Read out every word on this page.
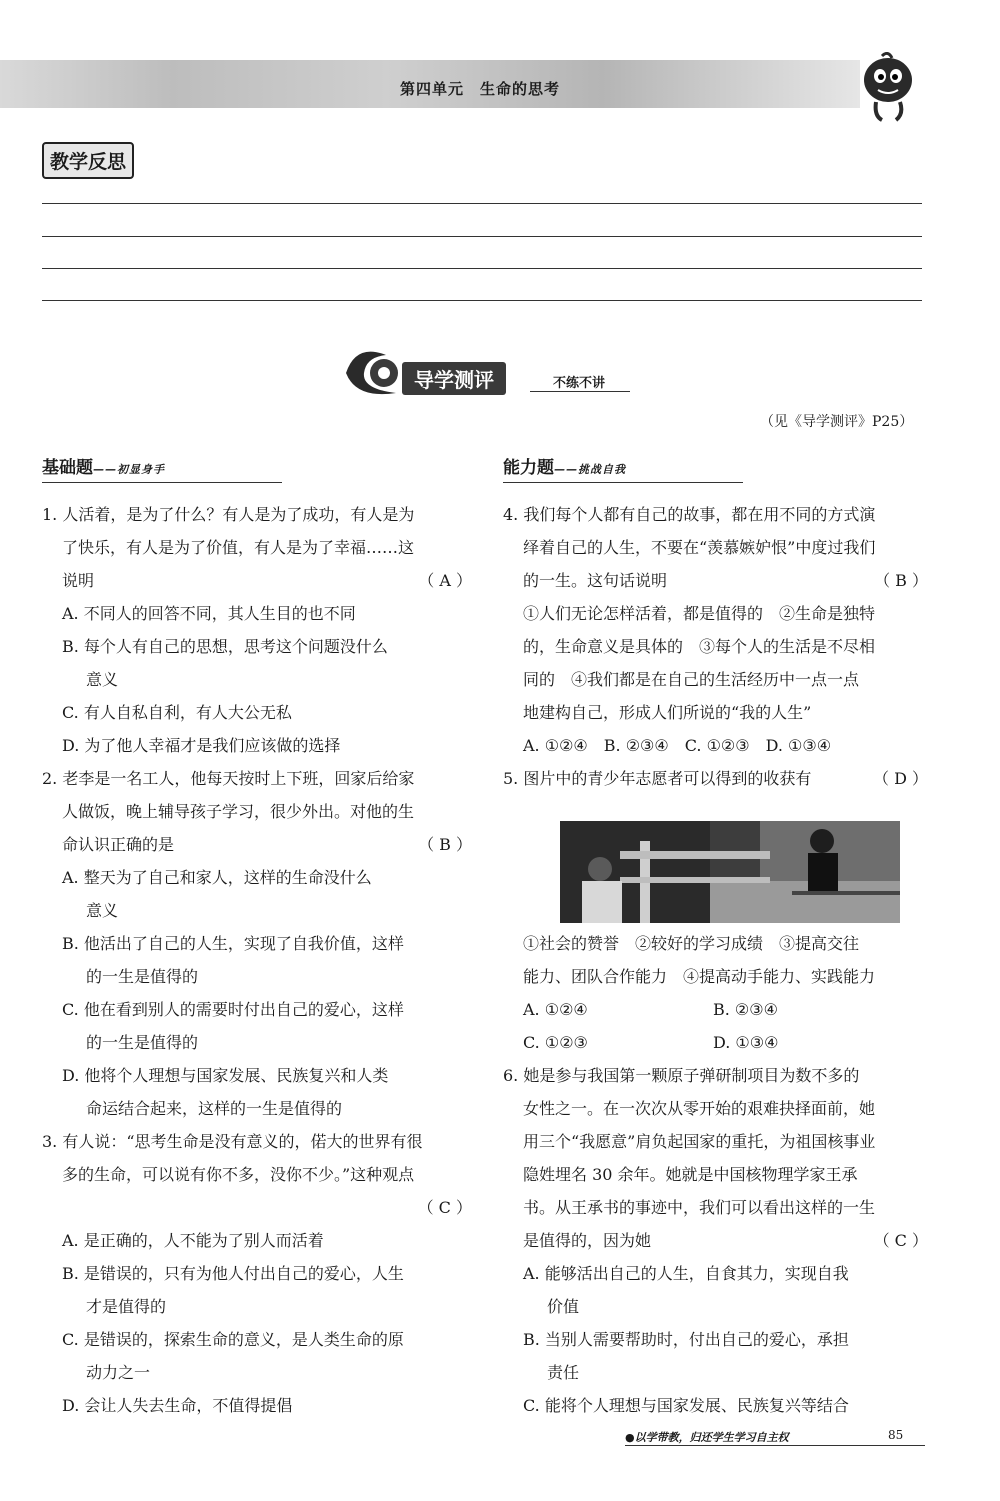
第四单元　生命的思考
教学反思
导学测评	不练不讲
（见《导学测评》P25）
基础题——初显身手	能力题——挑战自我

1. 人活着，是为了什么？有人是为了成功，有人是为

了快乐，有人是为了价值，有人是为了幸福……这

说明	（ A ）

A. 不同人的回答不同，其人生目的也不同

B. 每个人有自己的思想，思考这个问题没什么

意义

C. 有人自私自利，有人大公无私

D. 为了他人幸福才是我们应该做的选择

2. 老李是一名工人，他每天按时上下班，回家后给家

人做饭，晚上辅导孩子学习，很少外出。对他的生

命认识正确的是	（ B ）

A. 整天为了自己和家人，这样的生命没什么

意义

B. 他活出了自己的人生，实现了自我价值，这样

的一生是值得的

C. 他在看到别人的需要时付出自己的爱心，这样

的一生是值得的

D. 他将个人理想与国家发展、民族复兴和人类

命运结合起来，这样的一生是值得的

3. 有人说：“思考生命是没有意义的，偌大的世界有很

多的生命，可以说有你不多，没你不少。”这种观点

（ C ）

A. 是正确的，人不能为了别人而活着

B. 是错误的，只有为他人付出自己的爱心，人生

才是值得的

C. 是错误的，探索生命的意义，是人类生命的原

动力之一

D. 会让人失去生命，不值得提倡

4. 我们每个人都有自己的故事，都在用不同的方式演

绎着自己的人生，不要在“羡慕嫉妒恨”中度过我们

的一生。这句话说明	（ B ）

①人们无论怎样活着，都是值得的　②生命是独特

的，生命意义是具体的　③每个人的生活是不尽相

同的　④我们都是在自己的生活经历中一点一点

地建构自己，形成人们所说的“我的人生”

A. ①②④　B. ②③④　C. ①②③　D. ①③④

5. 图片中的青少年志愿者可以得到的收获有	（ D ）

①社会的赞誉　②较好的学习成绩　③提高交往

能力、团队合作能力　④提高动手能力、实践能力

A. ①②④	B. ②③④

C. ①②③	D. ①③④

6. 她是参与我国第一颗原子弹研制项目为数不多的

女性之一。在一次次从零开始的艰难抉择面前，她

用三个“我愿意”肩负起国家的重托，为祖国核事业

隐姓埋名 30 余年。她就是中国核物理学家王承

书。从王承书的事迹中，我们可以看出这样的一生

是值得的，因为她	（ C ）

A. 能够活出自己的人生，自食其力，实现自我

价值

B. 当别人需要帮助时，付出自己的爱心，承担

责任

C. 能将个人理想与国家发展、民族复兴等结合

●以学带教，归还学生学习自主权	85
